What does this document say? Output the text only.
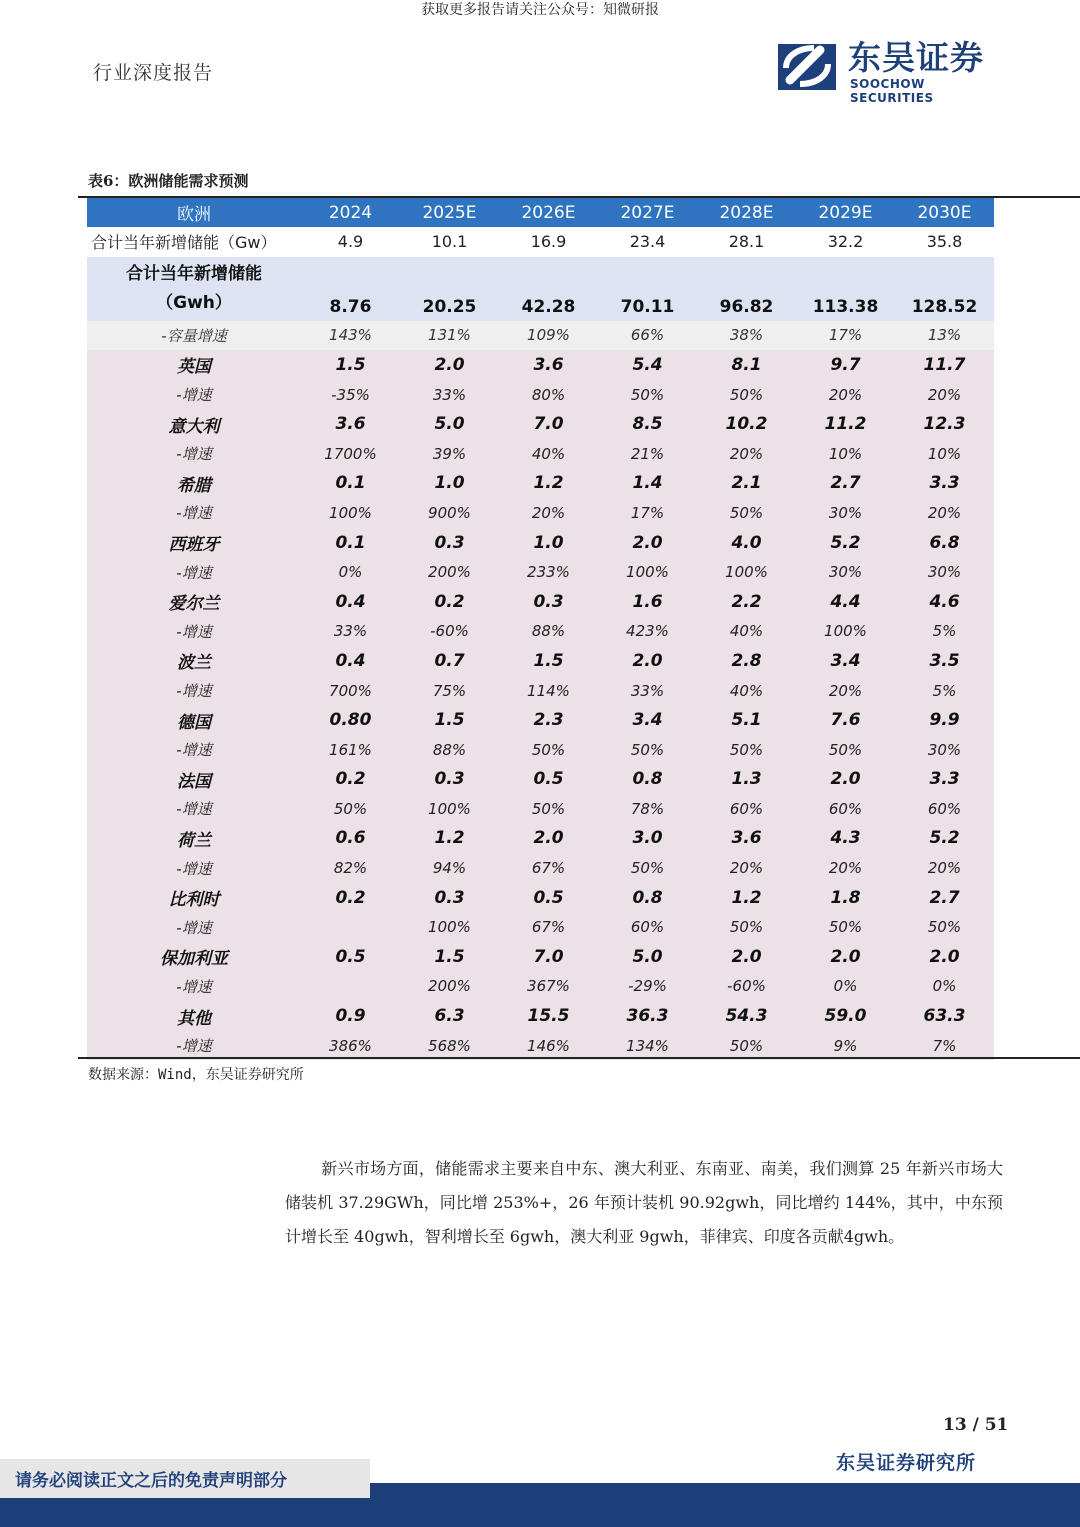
获取更多报告请关注公众号：知微研报
行业深度报告	东吴证券
SOOCHOW SECURITIES
表6：欧洲储能需求预测
欧洲	2024	2025E	2026E	2027E	2028E	2029E	2030E
合计当年新增储能（Gw）	4.9	10.1	16.9	23.4	28.1	32.2	35.8

合计当年新增储能
（Gwh）	8.76	20.25	42.28	70.11	96.82	113.38	128.52
-容量增速	143%	131%	109%	66%	38%	17%	13%
英国	1.5	2.0	3.6	5.4	8.1	9.7	11.7
-增速	-35%	33%	80%	50%	50%	20%	20%
意大利	3.6	5.0	7.0	8.5	10.2	11.2	12.3
-增速	1700%	39%	40%	21%	20%	10%	10%
希腊	0.1	1.0	1.2	1.4	2.1	2.7	3.3
-增速	100%	900%	20%	17%	50%	30%	20%
西班牙	0.1	0.3	1.0	2.0	4.0	5.2	6.8
-增速	0%	200%	233%	100%	100%	30%	30%
爱尔兰	0.4	0.2	0.3	1.6	2.2	4.4	4.6
-增速	33%	-60%	88%	423%	40%	100%	5%
波兰	0.4	0.7	1.5	2.0	2.8	3.4	3.5
-增速	700%	75%	114%	33%	40%	20%	5%
德国	0.80	1.5	2.3	3.4	5.1	7.6	9.9
-增速	161%	88%	50%	50%	50%	50%	30%
法国	0.2	0.3	0.5	0.8	1.3	2.0	3.3
-增速	50%	100%	50%	78%	60%	60%	60%
荷兰	0.6	1.2	2.0	3.0	3.6	4.3	5.2
-增速	82%	94%	67%	50%	20%	20%	20%
比利时	0.2	0.3	0.5	0.8	1.2	1.8	2.7
-增速		100%	67%	60%	50%	50%	50%
保加利亚	0.5	1.5	7.0	5.0	2.0	2.0	2.0
-增速		200%	367%	-29%	-60%	0%	0%
其他	0.9	6.3	15.5	36.3	54.3	59.0	63.3
-增速	386%	568%	146%	134%	50%	9%	7%
数据来源：Wind，东吴证券研究所
新兴市场方面，储能需求主要来自中东、澳大利亚、东南亚、南美，我们测算 25 年新兴市场大储装机 37.29GWh，同比增 253%+，26 年预计装机 90.92gwh，同比增约 144%，其中，中东预计增长至 40gwh，智利增长至 6gwh，澳大利亚 9gwh，菲律宾、印度各贡献4gwh。
13 / 51
东吴证券研究所
请务必阅读正文之后的免责声明部分
